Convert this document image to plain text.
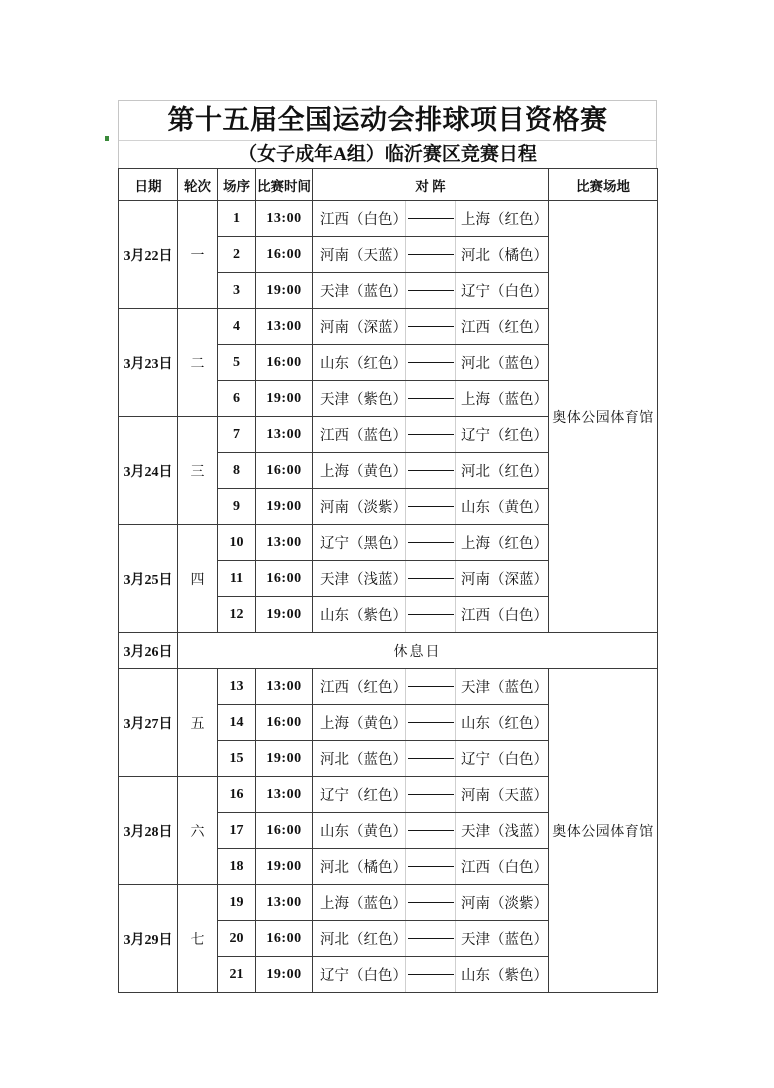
第十五届全国运动会排球项目资格赛
（女子成年A组）临沂赛区竞赛日程
日期	轮次	场序	比赛时间	对 阵	比赛场地
3月22日	一	1	13:00	江西（白色） 上海（红色）	奥体公园体育馆
		2	16:00	河南（天蓝） 河北（橘色）	

		3	19:00	天津（蓝色） 辽宁（白色）	

3月23日	二	4	13:00	河南（深蓝） 江西（红色）	

		5	16:00	山东（红色） 河北（蓝色）	

		6	19:00	天津（紫色） 上海（蓝色）	

3月24日	三	7	13:00	江西（蓝色） 辽宁（红色）	

		8	16:00	上海（黄色） 河北（红色）	

		9	19:00	河南（淡紫） 山东（黄色）	

3月25日	四	10	13:00	辽宁（黑色） 上海（红色）	

		11	16:00	天津（浅蓝） 河南（深蓝）	

		12	19:00	山东（紫色） 江西（白色）	

3月26日	休息日				
3月27日	五	13	13:00	江西（红色） 天津（蓝色）	奥体公园体育馆
		14	16:00	上海（黄色） 山东（红色）	

		15	19:00	河北（蓝色） 辽宁（白色）	

3月28日	六	16	13:00	辽宁（红色） 河南（天蓝）	

		17	16:00	山东（黄色） 天津（浅蓝）	

		18	19:00	河北（橘色） 江西（白色）	

3月29日	七	19	13:00	上海（蓝色） 河南（淡紫）	

		20	16:00	河北（红色） 天津（蓝色）	

		21	19:00	辽宁（白色） 山东（紫色）	
